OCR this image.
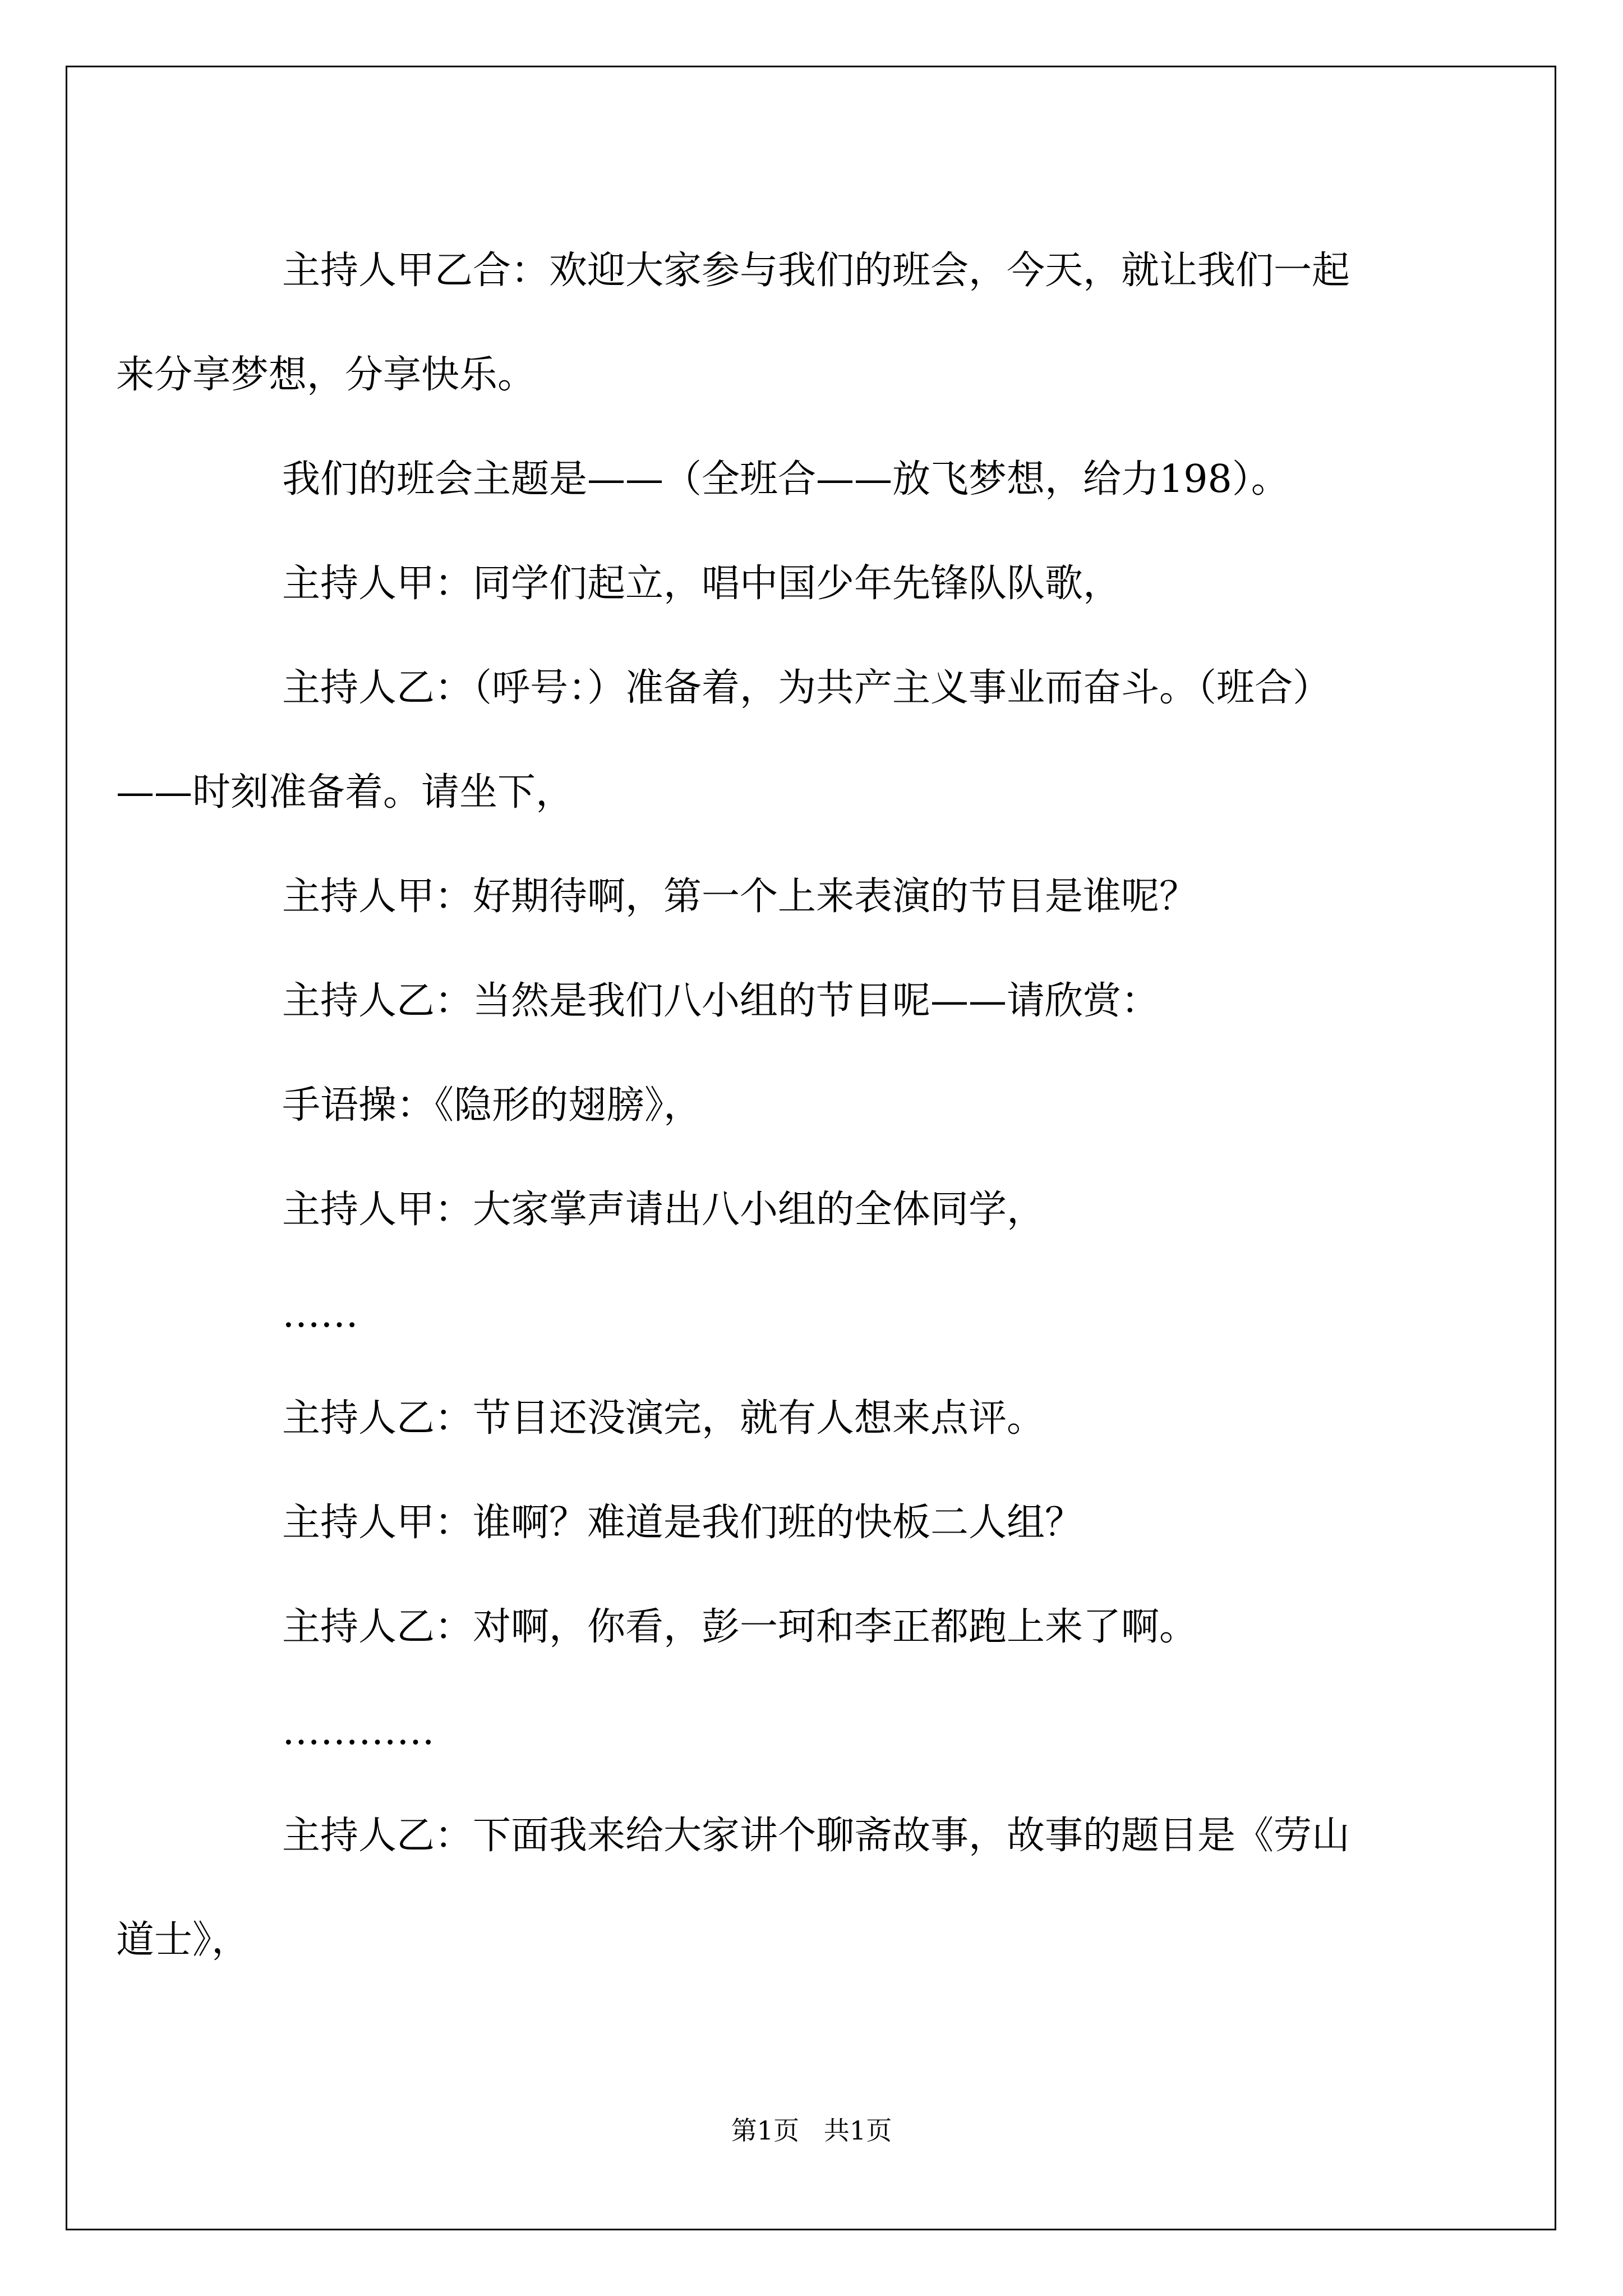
主持人甲乙合：欢迎大家参与我们的班会，今天，就让我们一起
来分享梦想，分享快乐。

我们的班会主题是——（全班合——放飞梦想，给力198）。

主持人甲：同学们起立，唱中国少年先锋队队歌，

主持人乙：（呼号：）准备着，为共产主义事业而奋斗。（班合）
——时刻准备着。请坐下，

主持人甲：好期待啊，第一个上来表演的节目是谁呢？

主持人乙：当然是我们八小组的节目呢——请欣赏：

手语操：《隐形的翅膀》，

主持人甲：大家掌声请出八小组的全体同学，

……

主持人乙：节目还没演完，就有人想来点评。

主持人甲：谁啊？难道是我们班的快板二人组？

主持人乙：对啊，你看，彭一珂和李正都跑上来了啊。

…………

主持人乙：下面我来给大家讲个聊斋故事，故事的题目是《劳山
道士》，

第1页   共1页
